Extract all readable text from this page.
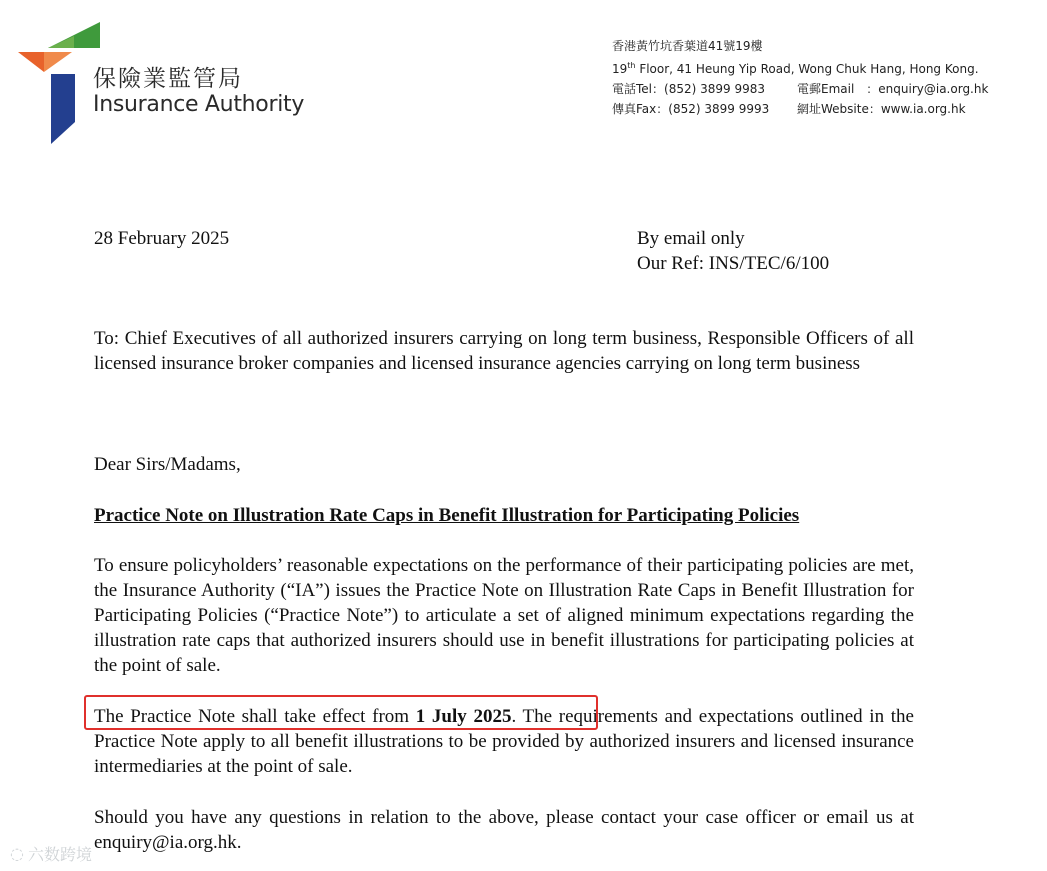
保險業監管局
Insurance Authority
香港黃竹坑香葉道41號19樓
19th Floor, 41 Heung Yip Road, Wong Chuk Hang, Hong Kong.
電話Tel：(852) 3899 9983	電郵Email　：enquiry@ia.org.hk
傳真Fax：(852) 3899 9993 網址Website：www.ia.org.hk
28 February 2025	By email only
Our Ref: INS/TEC/6/100
To: Chief Executives of all authorized insurers carrying on long term business, Responsible Officers of all licensed insurance broker companies and licensed insurance agencies carrying on long term business
Dear Sirs/Madams,
Practice Note on Illustration Rate Caps in Benefit Illustration for Participating Policies
To ensure policyholders’ reasonable expectations on the performance of their participating policies are met, the Insurance Authority (“IA”) issues the Practice Note on Illustration Rate Caps in Benefit Illustration for Participating Policies (“Practice Note”) to articulate a set of aligned minimum expectations regarding the illustration rate caps that authorized insurers should use in benefit illustrations for participating policies at the point of sale.
The Practice Note shall take effect from 1 July 2025. The requirements and expectations outlined in the Practice Note apply to all benefit illustrations to be provided by authorized insurers and licensed insurance intermediaries at the point of sale.
Should you have any questions in relation to the above, please contact your case officer or email us at enquiry@ia.org.hk.
◌ 六数跨境
